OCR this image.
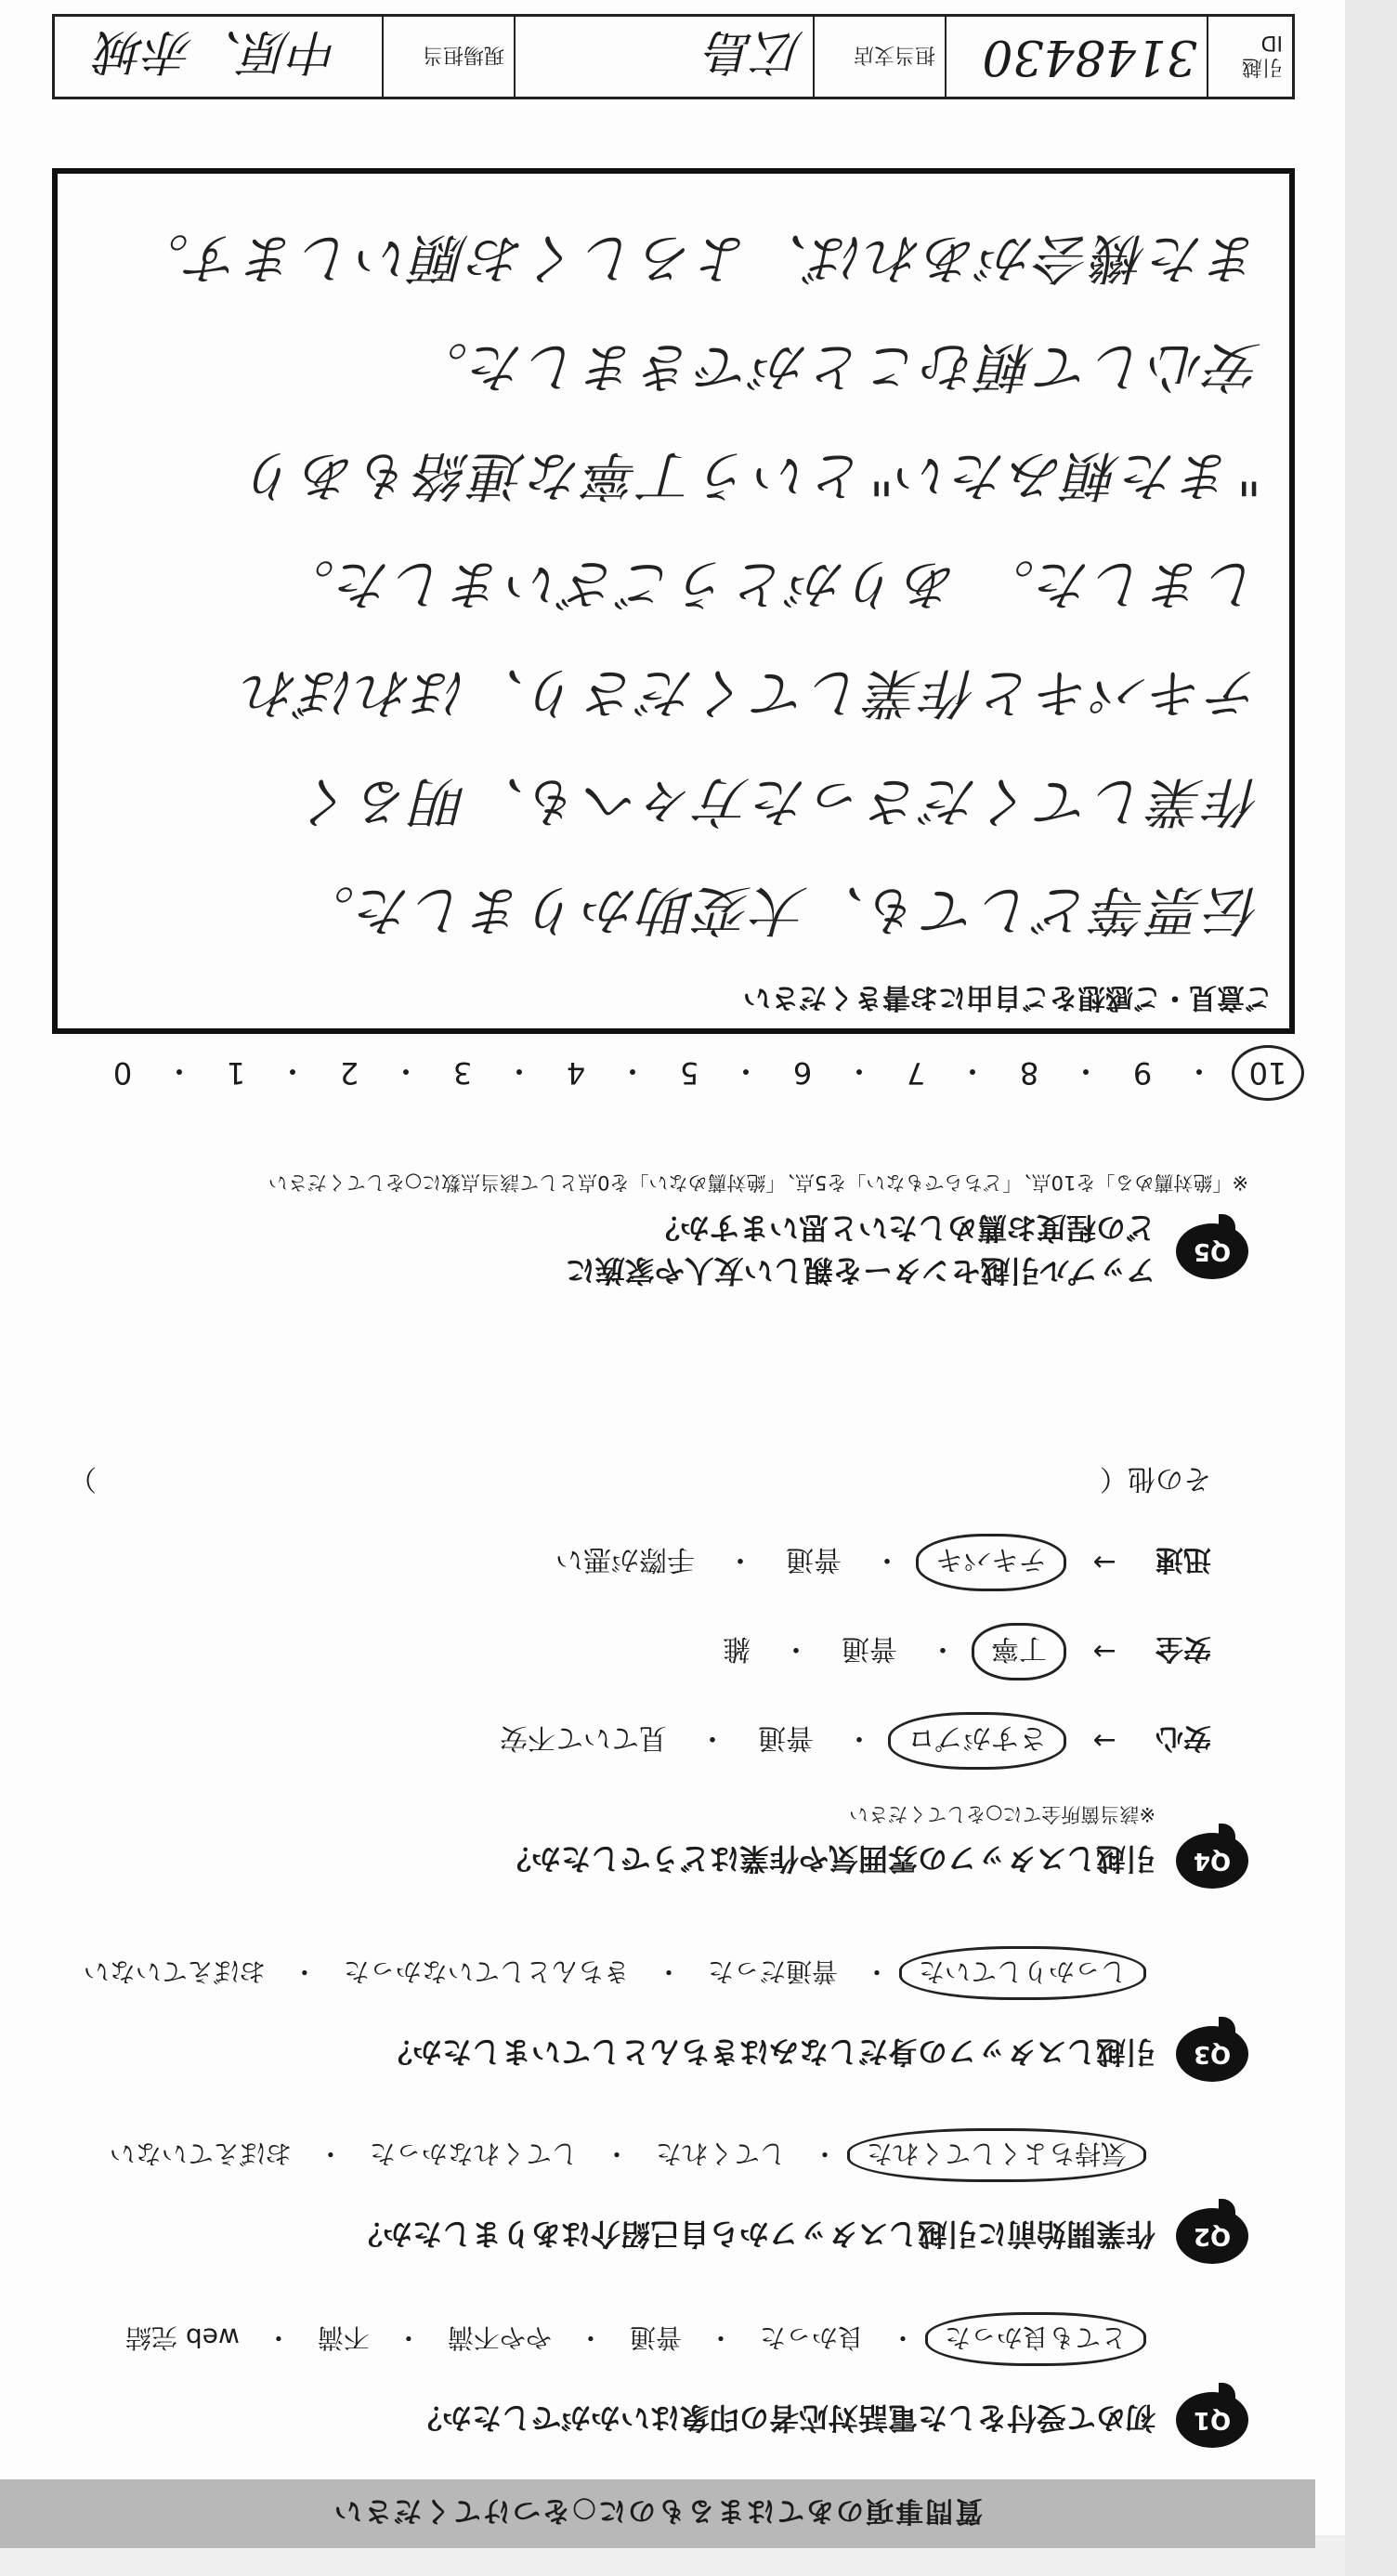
質問事項のあてはまるものに○をつけてください
Q1
初めて受付をした電話対応者の印象はいかがでしたか？
とても良かった
・
良かった
・
普通
・
やや不満
・
不満
・
web 完結
Q2
作業開始前に引越しスタッフから自己紹介はありましたか？
気持ちよくしてくれた
・
してくれた
・
してくれなかった
・
おぼえていない
Q3
引越しスタッフの身だしなみはきちんとしていましたか？
しっかりしていた
・
普通だった
・
きちんとしていなかった
・
おぼえていない
Q4
引越しスタッフの雰囲気や作業はどうでしたか？
※該当箇所全てに○をしてください
安心
→
さすがプロ
・
普通
・
見ていて不安
安全
→
丁寧
・
普通
・
雑
迅速
→
テキパキ
・
普通
・
手際が悪い
その他（
）
Q5
アップル引越センターを親しい友人や家族に
どの程度お薦めしたいと思いますか？
※「絶対薦める」を10点、「どちらでもない」を5点、「絶対薦めない」を0点として該当点数に○をしてください
10
・
9
・
8
・
7
・
6
・
5
・
4
・
3
・
2
・
1
・
0
ご意見・ご感想をご自由にお書きください
伝票等どしても、大変助かりました。
作業してくださった方々へも、明るく
テキパキと作業してくださり、ほれぼれ
しました。 ありがとうございました。
"また頼みたい"という丁寧な連絡もあり
安心して頼むことができました。
また機会があれば、よろしくお願いします。
引越 ID
3148430
担当支店
広島
現場担当
中原、赤城
